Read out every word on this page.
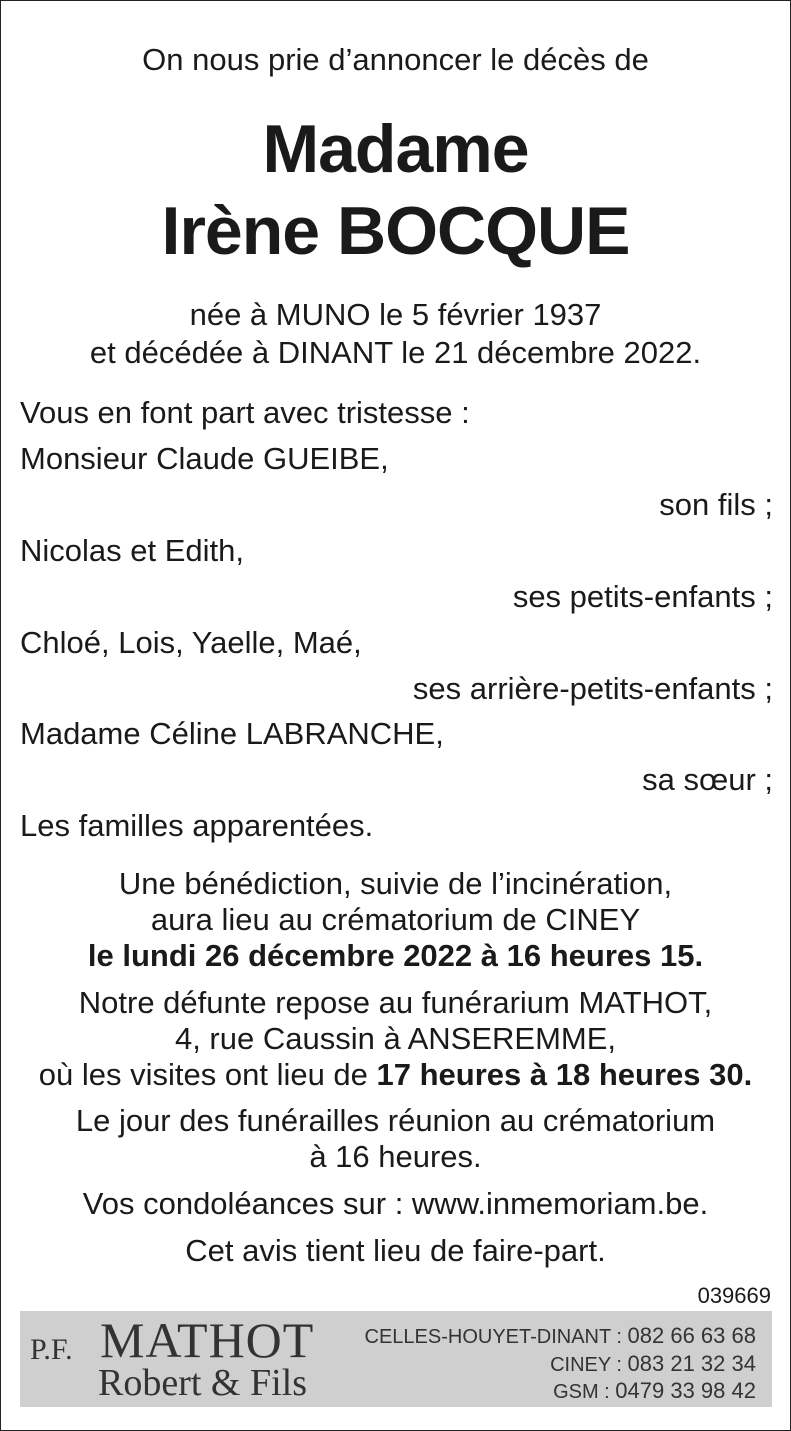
On nous prie d’annoncer le décès de
Madame
Irène BOCQUE
née à MUNO le 5 février 1937
et décédée à DINANT le 21 décembre 2022.
Vous en font part avec tristesse :
Monsieur Claude GUEIBE,
son fils ;
Nicolas et Edith,
ses petits-enfants ;
Chloé, Lois, Yaelle, Maé,
ses arrière-petits-enfants ;
Madame Céline LABRANCHE,
sa sœur ;
Les familles apparentées.
Une bénédiction, suivie de l’incinération,
aura lieu au crématorium de CINEY
le lundi 26 décembre 2022 à 16 heures 15.
Notre défunte repose au funérarium MATHOT,
4, rue Caussin à ANSEREMME,
où les visites ont lieu de 17 heures à 18 heures 30.
Le jour des funérailles réunion au crématorium
à 16 heures.
Vos condoléances sur : www.inmemoriam.be.
Cet avis tient lieu de faire-part.
039669
P.F. MATHOT
Robert & Fils
CELLES-HOUYET-DINANT : 082 66 63 68
CINEY : 083 21 32 34
GSM : 0479 33 98 42
